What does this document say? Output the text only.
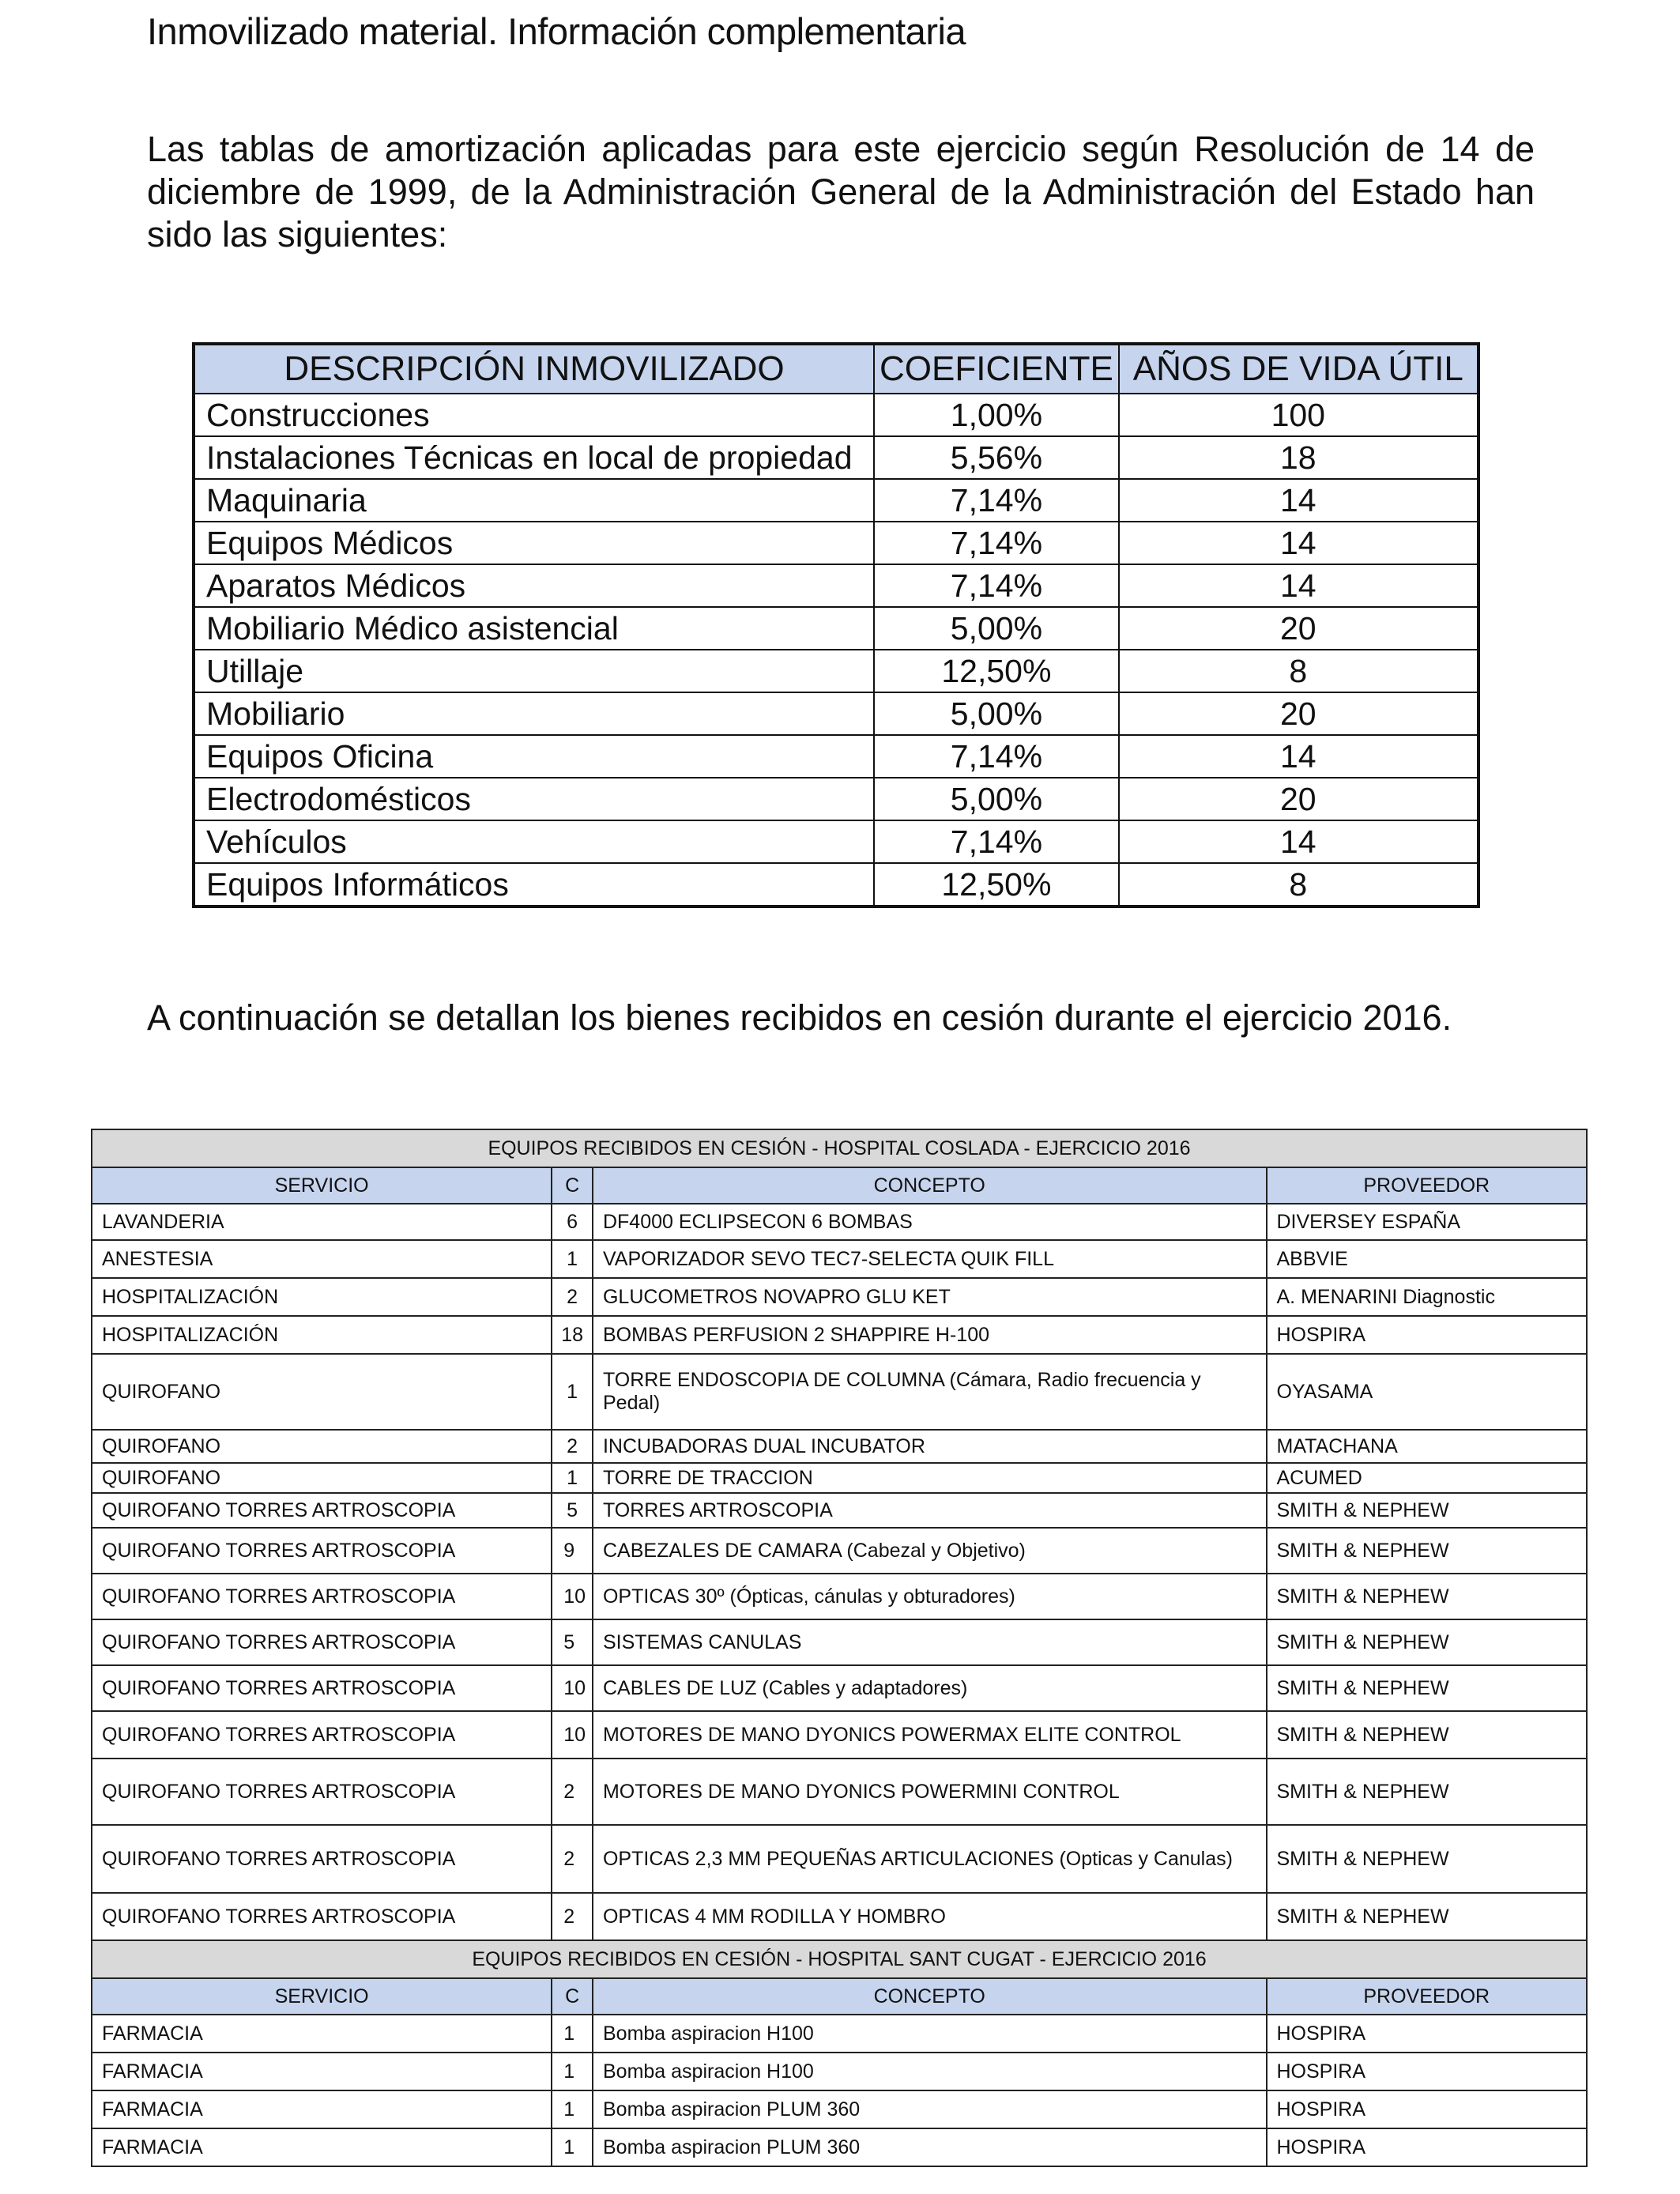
Inmovilizado material. Información complementaria
Las tablas de amortización aplicadas para este ejercicio según Resolución de 14 de diciembre de 1999, de la Administración General de la Administración del Estado han sido las siguientes:
DESCRIPCIÓN INMOVILIZADO	COEFICIENTE	AÑOS DE VIDA ÚTIL
Construcciones	1,00%	100
Instalaciones Técnicas en local de propiedad	5,56%	18
Maquinaria	7,14%	14
Equipos Médicos	7,14%	14
Aparatos Médicos	7,14%	14
Mobiliario Médico asistencial	5,00%	20
Utillaje	12,50%	8
Mobiliario	5,00%	20
Equipos Oficina	7,14%	14
Electrodomésticos	5,00%	20
Vehículos	7,14%	14
Equipos Informáticos	12,50%	8
A continuación se detallan los bienes recibidos en cesión durante el ejercicio 2016.
EQUIPOS RECIBIDOS EN CESIÓN - HOSPITAL COSLADA - EJERCICIO 2016			
SERVICIO	C	CONCEPTO	PROVEEDOR
LAVANDERIA	6	DF4000 ECLIPSECON 6 BOMBAS	DIVERSEY ESPAÑA
ANESTESIA	1	VAPORIZADOR SEVO TEC7-SELECTA QUIK FILL	ABBVIE
HOSPITALIZACIÓN	2	GLUCOMETROS NOVAPRO GLU KET	A. MENARINI Diagnostic
HOSPITALIZACIÓN	18	BOMBAS PERFUSION 2 SHAPPIRE H-100	HOSPIRA
QUIROFANO	1	TORRE ENDOSCOPIA DE COLUMNA (Cámara, Radio frecuencia y Pedal)	OYASAMA
QUIROFANO	2	INCUBADORAS DUAL INCUBATOR	MATACHANA
QUIROFANO	1	TORRE DE TRACCION	ACUMED
QUIROFANO TORRES ARTROSCOPIA	5	TORRES ARTROSCOPIA	SMITH & NEPHEW
QUIROFANO TORRES ARTROSCOPIA	9	CABEZALES DE CAMARA (Cabezal y Objetivo)	SMITH & NEPHEW
QUIROFANO TORRES ARTROSCOPIA	10	OPTICAS 30º (Ópticas, cánulas y obturadores)	SMITH & NEPHEW
QUIROFANO TORRES ARTROSCOPIA	5	SISTEMAS CANULAS	SMITH & NEPHEW
QUIROFANO TORRES ARTROSCOPIA	10	CABLES DE LUZ (Cables y adaptadores)	SMITH & NEPHEW
QUIROFANO TORRES ARTROSCOPIA	10	MOTORES DE MANO DYONICS POWERMAX ELITE CONTROL	SMITH & NEPHEW
QUIROFANO TORRES ARTROSCOPIA	2	MOTORES DE MANO DYONICS POWERMINI CONTROL	SMITH & NEPHEW
QUIROFANO TORRES ARTROSCOPIA	2	OPTICAS 2,3 MM PEQUEÑAS ARTICULACIONES (Opticas y Canulas)	SMITH & NEPHEW
QUIROFANO TORRES ARTROSCOPIA	2	OPTICAS 4 MM RODILLA Y HOMBRO	SMITH & NEPHEW
EQUIPOS RECIBIDOS EN CESIÓN - HOSPITAL SANT CUGAT - EJERCICIO 2016			
SERVICIO	C	CONCEPTO	PROVEEDOR
FARMACIA	1	Bomba aspiracion H100	HOSPIRA
FARMACIA	1	Bomba aspiracion H100	HOSPIRA
FARMACIA	1	Bomba aspiracion PLUM 360	HOSPIRA
FARMACIA	1	Bomba aspiracion PLUM 360	HOSPIRA
